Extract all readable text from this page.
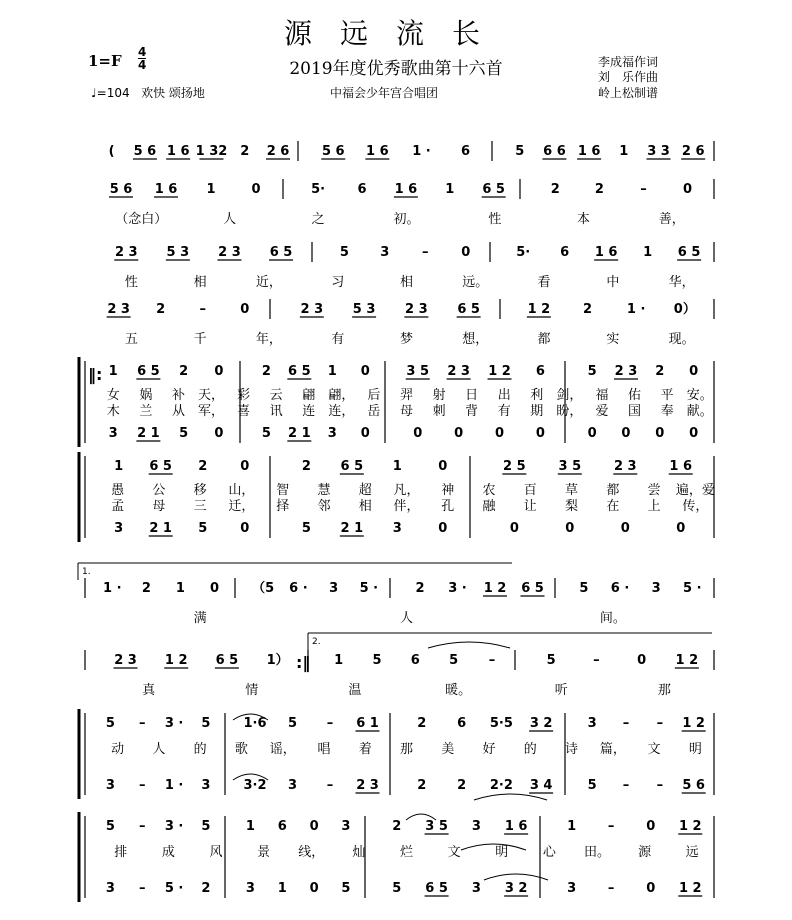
源远流长
2019年度优秀歌曲第十六首
1=F 4
4
♩=104 欢快 颂扬地	中福会少年宫合唱团
李成福作词
刘　乐作曲
岭上松制谱
( 5 6 1 6 1 32 2 2 6	5 6 1 6 1 · 6	5 6 6 1 6 1 3 3 2 6
5 6 1 6 1	0	5· 6 1 6 1 6 5	2	2	–	0
（念白）	人	之	初。	性	本	善，
2 3 5 3 2 3 6 5	5 3	–	0	5· 6 1 6 1 6 5
性	相	近，	习	相	远。	看	中	华，
2 3 2	–	0	2 3 5 3 2 3 6 5	1 2	2	1 · 0）
五	千	年，	有	梦	想，	都	实	现。
1 6 5 2 0	2 6 5 1 0	3 5 2 3 1 2 6	5 2 3 2 0
3 2 1 5 0	5 2 1 3 0	0 0 0 0	0 0 0 0
女 娲 补 天， 彩 云 翩 翩， 后 羿 射 日 出 利 剑， 福 佑 平 安。
木 兰 从 军， 喜 讯 连 连， 岳 母 刺 背 有 期 盼， 爱 国 奉 献。
1 6 5 2	0	2 6 5 1	0	2 5	3 5	2 3	1 6
3 2 1 5	0	5 2 1 3	0	0	0	0	0
愚 公 移 山， 智 慧 超 凡， 神 农 百 草 都 尝 遍，爱
孟 母 三 迁， 择 邻 相 伴， 孔 融 让 梨 在 上 传，
1 · 2 1 0	（5 6 · 3 5 ·	2 3 · 1 2 6 5	5 6 · 3 5 ·
满	人	间。
2 3 1 2 6 5 1）	1 5 6 5 –	5	–	0 1 2
真	情	温	暖。	听	那
5 – 3 · 5	1·6 5 – 6 1	2 6 5·5 3 2	3 – – 1 2
3 – 1 · 3	3·2 3 – 2 3	2 2 2·2 3 4	5 – – 5 6
动 人 的 歌 谣， 唱 着 那 美 好 的 诗 篇， 文 明
5 – 3 · 5	1 6 0 3	2 3 5 3 1 6	1 – 0 1 2
3 – 5 · 2	3 1 0 5	5 6 5 3 3 2	3 – 0 1 2
排	成	风	景 线， 灿	烂	文	明	心 田。 源	远
1.
2.
:‖
‖:
